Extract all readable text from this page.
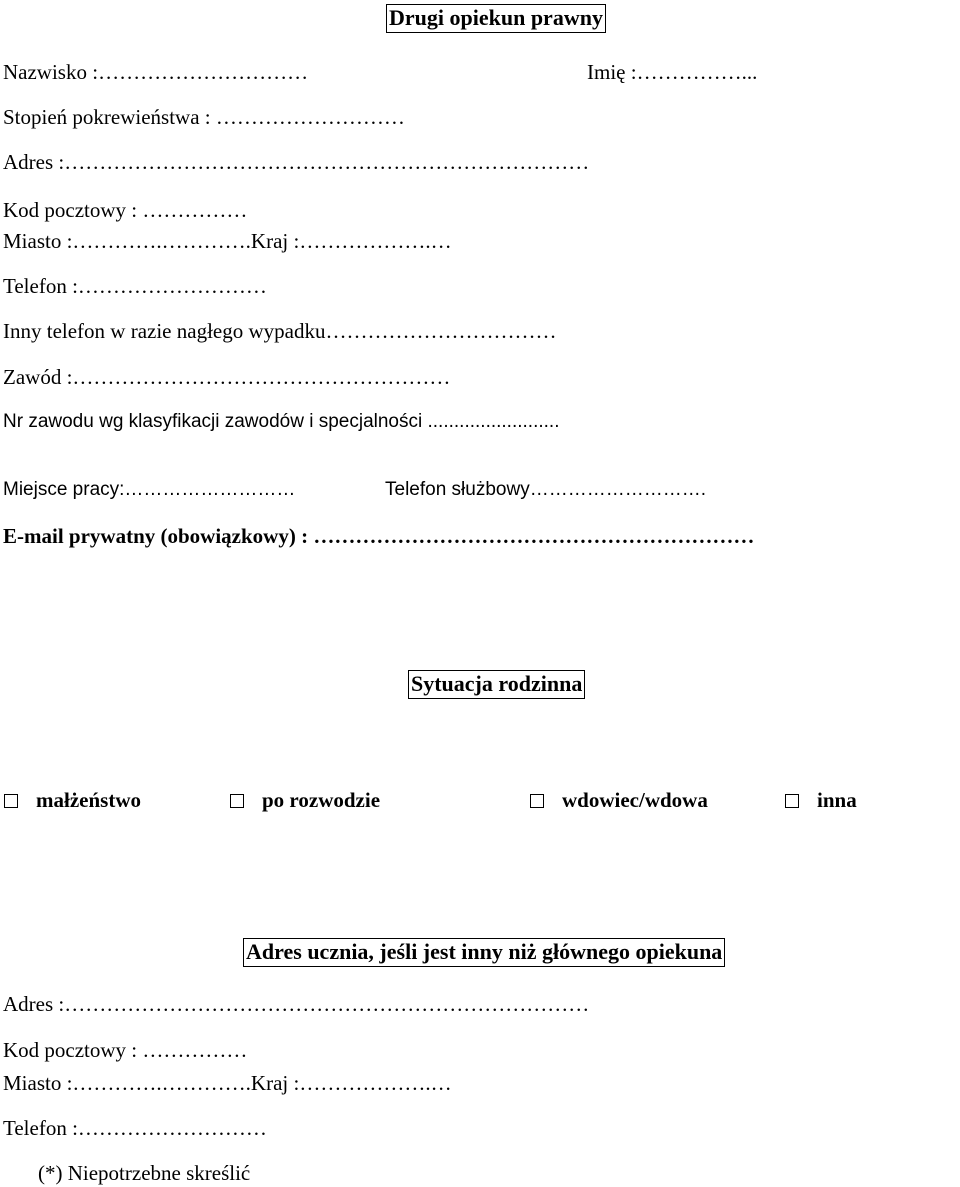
Drugi opiekun prawny
Nazwisko :…………………………	Imię :……………...
Stopień pokrewieństwa : ………………………
Adres :…………………………………………………………………
Kod pocztowy : ……………
Miasto :………….………….Kraj :……………….…
Telefon :………………………
Inny telefon w razie nagłego wypadku……………………………
Zawód :………………………………………………
Nr zawodu wg klasyfikacji zawodów i specjalności .........................
Miejsce pracy:………………………	Telefon służbowy……………………….
E-mail prywatny (obowiązkowy) : ………………………………………………………
Sytuacja rodzinna
małżeństwo	po rozwodzie	wdowiec/wdowa	inna
Adres ucznia, jeśli jest inny niż głównego opiekuna
Adres :…………………………………………………………………
Kod pocztowy : ……………
Miasto :………….………….Kraj :……………….…
Telefon :………………………
(*) Niepotrzebne skreślić
